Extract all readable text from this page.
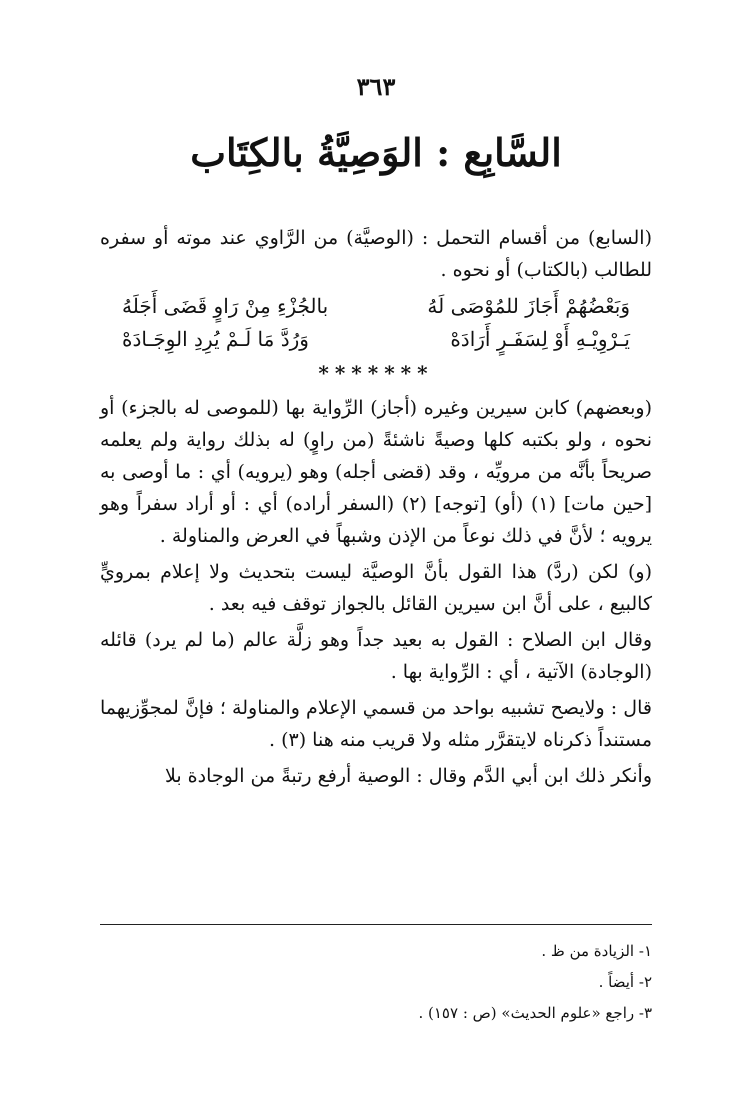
٣٦٣
السَّابِع : الوَصِيَّةُ بالكِتَاب

(السابع) من أقسام التحمل : (الوصيَّة) من الرَّاوي عند موته أو سفره للطالب (بالكتاب) أو نحوه .

وَبَعْضُهُمْ أَجَازَ للمُوْصَى لَهُ
بالجُزْءِ مِنْ رَاوٍ قَضَى أَجَلَهُ
يَـرْوِيْـهِ أَوْ لِسَفَـرٍ أَرَادَهْ
وَرُدَّ مَا لَـمْ يُرِدِ الوِجَـادَهْ
*******

(وبعضهم) كابن سيرين وغيره (أجاز) الرِّواية بها (للموصى له بالجزء) أو نحوه ، ولو بكتبه كلها وصيةً ناشئةً (من راوٍ) له بذلك رواية ولم يعلمه صريحاً بأنَّه من مرويِّه ، وقد (قضى أجله) وهو (يرويه) أي : ما أوصى به [حين مات] (١) (أو) [توجه] (٢) (السفر أراده) أي : أو أراد سفراً وهو يرويه ؛ لأنَّ في ذلك نوعاً من الإذن وشبهاً في العرض والمناولة .

(و) لكن (ردَّ) هذا القول بأنَّ الوصيَّة ليست بتحديث ولا إعلام بمرويٍّ كالبيع ، على أنَّ ابن سيرين القائل بالجواز توقف فيه بعد .

وقال ابن الصلاح : القول به بعيد جداً وهو زلَّة عالم (ما لم يرد) قائله (الوجادة) الآتية ، أي : الرِّواية بها .

قال : ولايصح تشبيه بواحد من قسمي الإعلام والمناولة ؛ فإنَّ لمجوِّزيهما مستنداً ذكرناه لايتقرَّر مثله ولا قريب منه هنا (٣) .

وأنكر ذلك ابن أبي الدَّم وقال : الوصية أرفع رتبةً من الوجادة بلا

١- الزيادة من ظ .

٢- أيضاً .

٣- راجع «علوم الحديث» (ص : ١٥٧) .
